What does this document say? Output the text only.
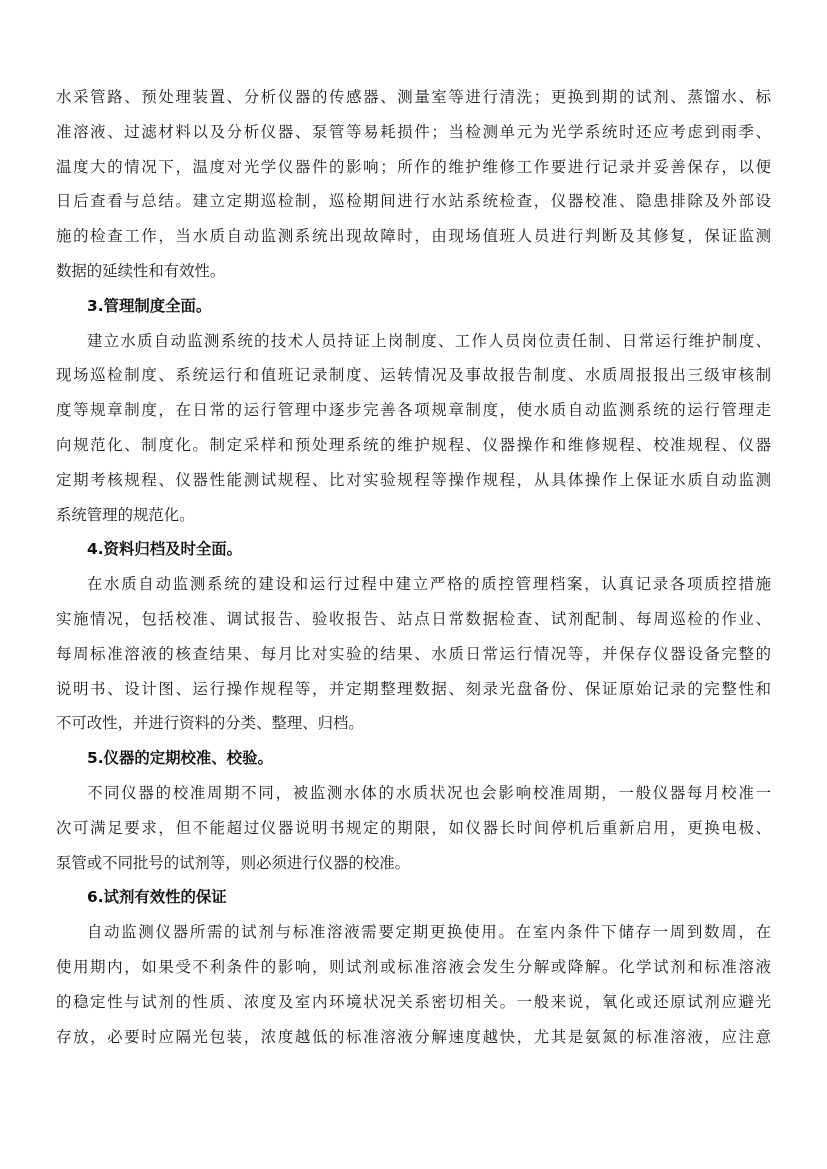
水采管路、预处理装置、分析仪器的传感器、测量室等进行清洗；更换到期的试剂、蒸馏水、标
准溶液、过滤材料以及分析仪器、泵管等易耗损件；当检测单元为光学系统时还应考虑到雨季、
温度大的情况下，温度对光学仪器件的影响；所作的维护维修工作要进行记录并妥善保存，以便
日后查看与总结。建立定期巡检制，巡检期间进行水站系统检查，仪器校准、隐患排除及外部设
施的检查工作，当水质自动监测系统出现故障时，由现场值班人员进行判断及其修复，保证监测
数据的延续性和有效性。
3.管理制度全面。
建立水质自动监测系统的技术人员持证上岗制度、工作人员岗位责任制、日常运行维护制度、
现场巡检制度、系统运行和值班记录制度、运转情况及事故报告制度、水质周报报出三级审核制
度等规章制度，在日常的运行管理中逐步完善各项规章制度，使水质自动监测系统的运行管理走
向规范化、制度化。制定采样和预处理系统的维护规程、仪器操作和维修规程、校准规程、仪器
定期考核规程、仪器性能测试规程、比对实验规程等操作规程，从具体操作上保证水质自动监测
系统管理的规范化。
4.资料归档及时全面。
在水质自动监测系统的建设和运行过程中建立严格的质控管理档案，认真记录各项质控措施
实施情况，包括校准、调试报告、验收报告、站点日常数据检查、试剂配制、每周巡检的作业、
每周标准溶液的核查结果、每月比对实验的结果、水质日常运行情况等，并保存仪器设备完整的
说明书、设计图、运行操作规程等，并定期整理数据、刻录光盘备份、保证原始记录的完整性和
不可改性，并进行资料的分类、整理、归档。
5.仪器的定期校准、校验。
不同仪器的校准周期不同，被监测水体的水质状况也会影响校准周期，一般仪器每月校准一
次可满足要求，但不能超过仪器说明书规定的期限，如仪器长时间停机后重新启用，更换电极、
泵管或不同批号的试剂等，则必须进行仪器的校准。
6.试剂有效性的保证
自动监测仪器所需的试剂与标准溶液需要定期更换使用。在室内条件下储存一周到数周，在
使用期内，如果受不利条件的影响，则试剂或标准溶液会发生分解或降解。化学试剂和标准溶液
的稳定性与试剂的性质、浓度及室内环境状况关系密切相关。一般来说，氧化或还原试剂应避光
存放，必要时应隔光包装，浓度越低的标准溶液分解速度越快，尤其是氨氮的标准溶液，应注意
